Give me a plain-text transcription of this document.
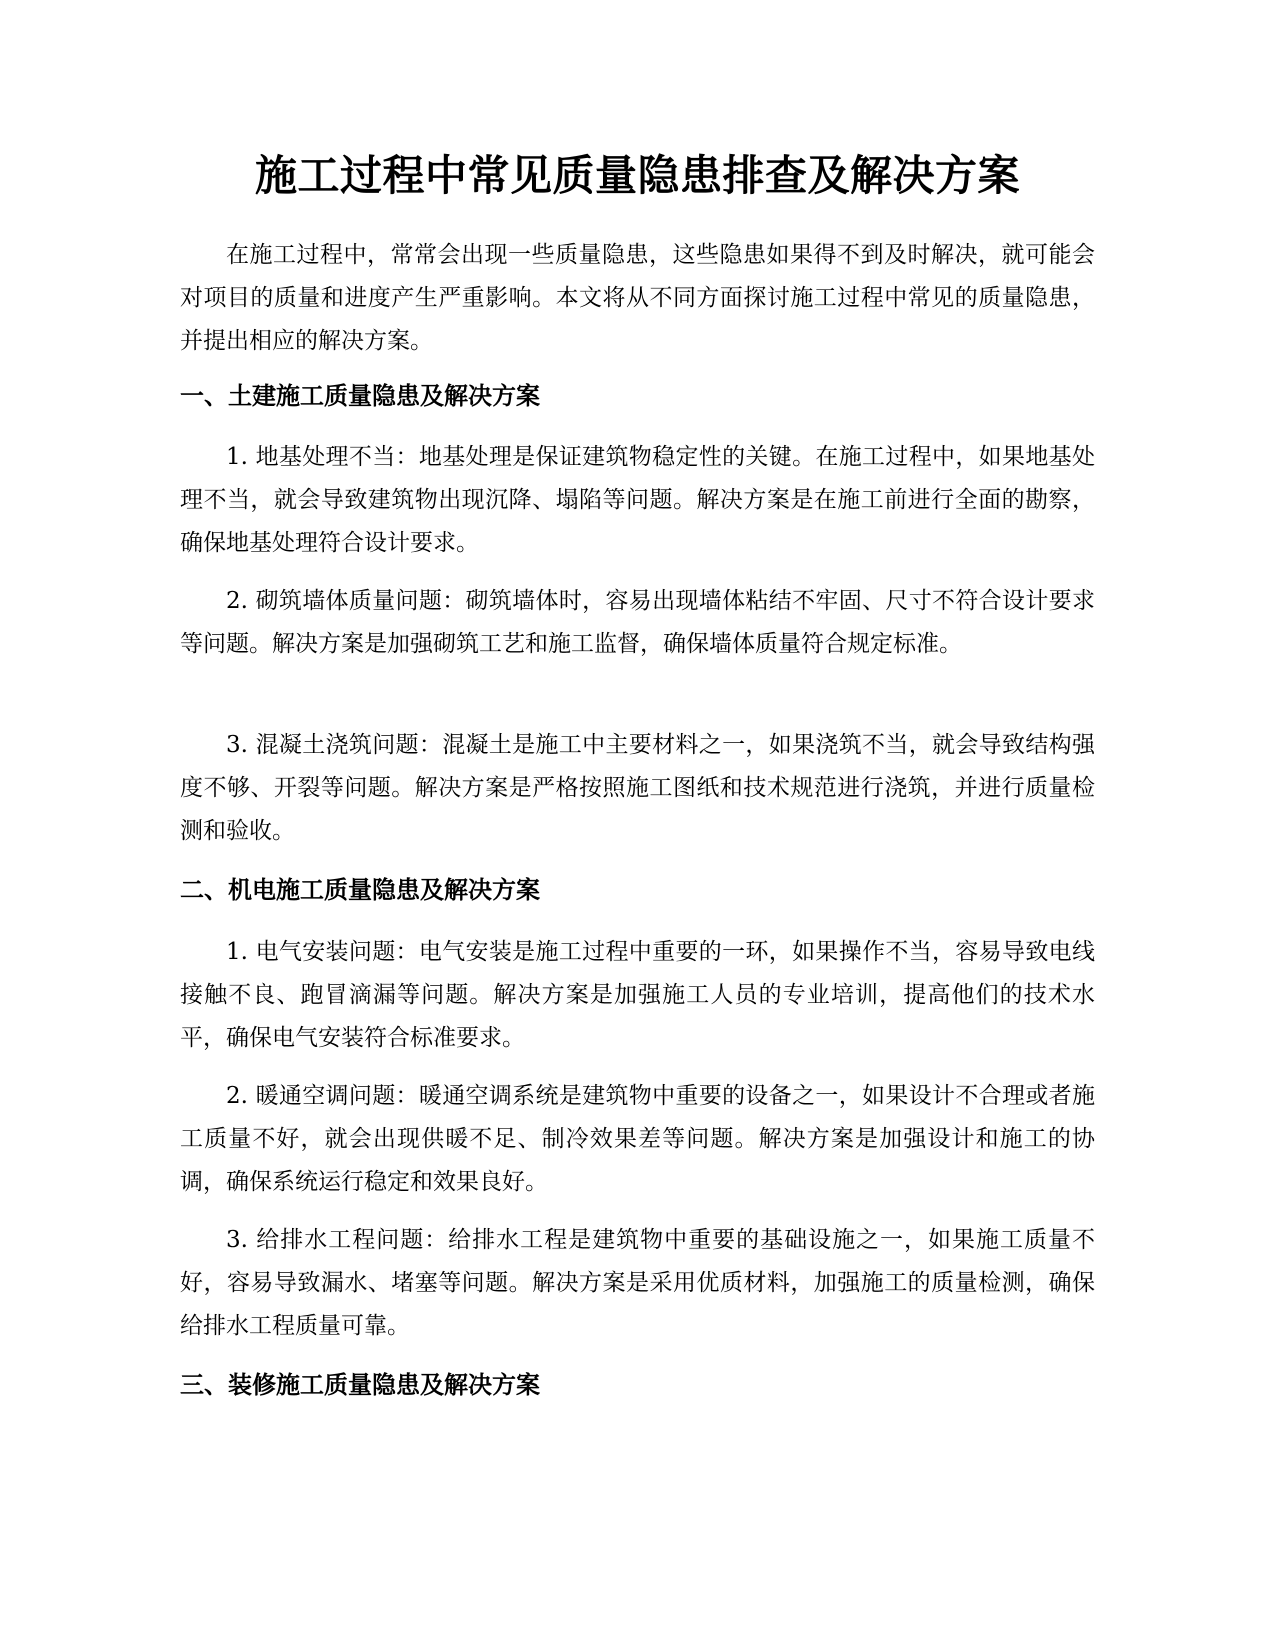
施工过程中常见质量隐患排查及解决方案

在施工过程中，常常会出现一些质量隐患，这些隐患如果得不到及时解决，就可能会对项目的质量和进度产生严重影响。本文将从不同方面探讨施工过程中常见的质量隐患，并提出相应的解决方案。

一、土建施工质量隐患及解决方案

1. 地基处理不当：地基处理是保证建筑物稳定性的关键。在施工过程中，如果地基处理不当，就会导致建筑物出现沉降、塌陷等问题。解决方案是在施工前进行全面的勘察，确保地基处理符合设计要求。

2. 砌筑墙体质量问题：砌筑墙体时，容易出现墙体粘结不牢固、尺寸不符合设计要求等问题。解决方案是加强砌筑工艺和施工监督，确保墙体质量符合规定标准。

3. 混凝土浇筑问题：混凝土是施工中主要材料之一，如果浇筑不当，就会导致结构强度不够、开裂等问题。解决方案是严格按照施工图纸和技术规范进行浇筑，并进行质量检测和验收。

二、机电施工质量隐患及解决方案

1. 电气安装问题：电气安装是施工过程中重要的一环，如果操作不当，容易导致电线接触不良、跑冒滴漏等问题。解决方案是加强施工人员的专业培训，提高他们的技术水平，确保电气安装符合标准要求。

2. 暖通空调问题：暖通空调系统是建筑物中重要的设备之一，如果设计不合理或者施工质量不好，就会出现供暖不足、制冷效果差等问题。解决方案是加强设计和施工的协调，确保系统运行稳定和效果良好。

3. 给排水工程问题：给排水工程是建筑物中重要的基础设施之一，如果施工质量不好，容易导致漏水、堵塞等问题。解决方案是采用优质材料，加强施工的质量检测，确保给排水工程质量可靠。

三、装修施工质量隐患及解决方案
